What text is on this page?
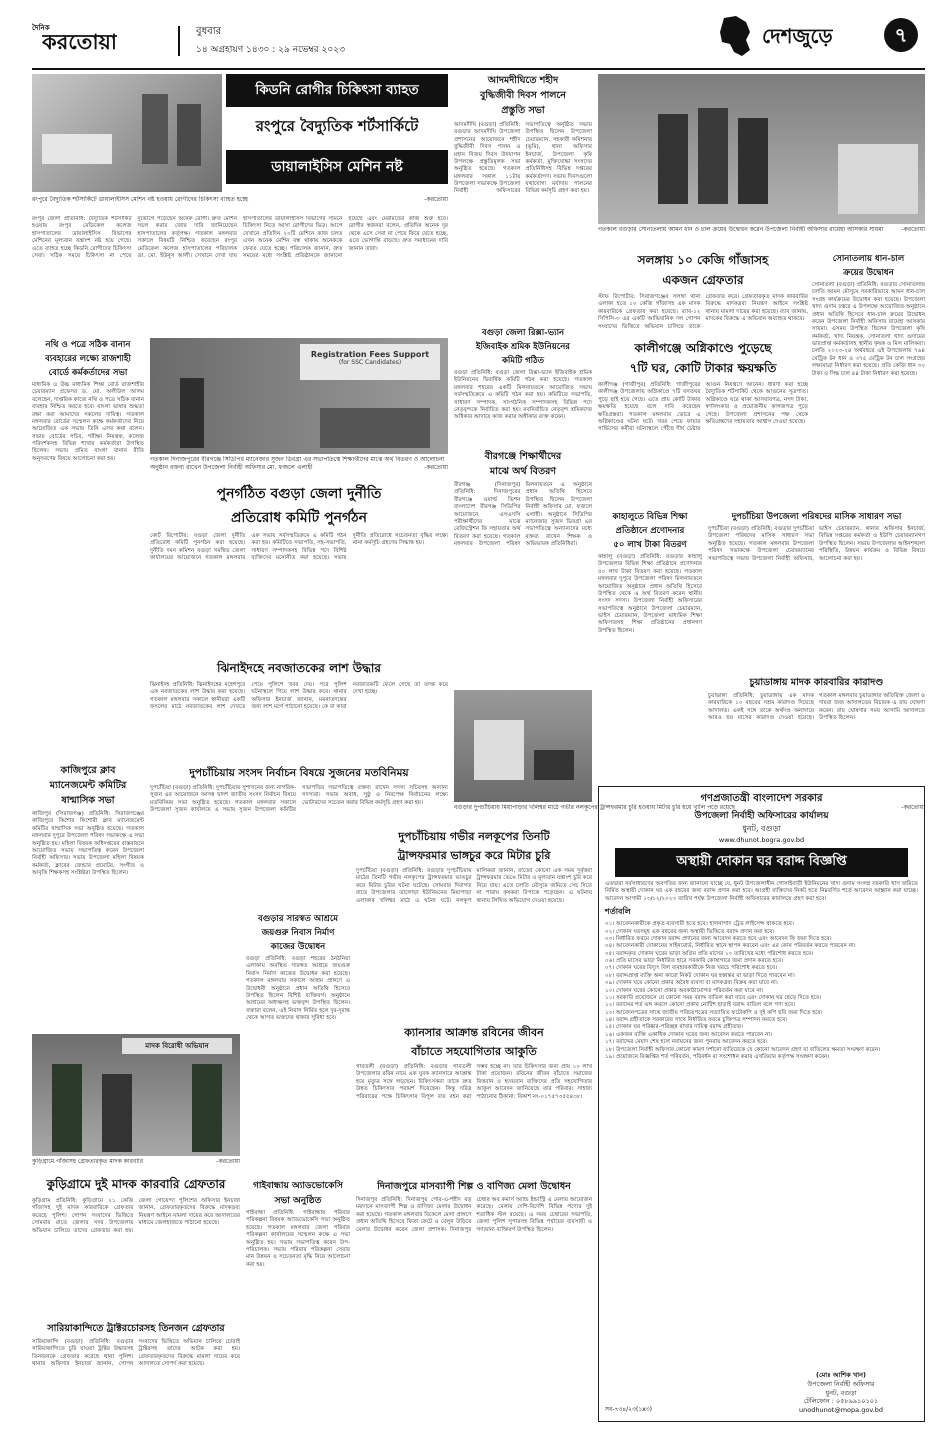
দৈনিক
করতোয়া	বুধবার
১৪ অগ্রহায়ণ ১৪৩০ : ২৯ নভেম্বর ২০২৩
দেশজুড়ে	৭
কিডনি রোগীর চিকিৎসা ব্যাহত
রংপুরে বৈদ্যুতিক শর্টসার্কিটে
ডায়ালাইসিস মেশিন নষ্ট
রংপুরে বৈদ্যুতিক শর্টসার্কিটে ডায়ালাইসিস মেশিন নষ্ট হওয়ায় রোগীদের চিকিৎসা ব্যাহত হচ্ছে	-করতোয়া
রংপুর জেলা প্রতিনিধি: বৈদ্যুতিক শর্টসার্কিট হওয়ায় রংপুর মেডিকেল কলেজ হাসপাতালের ডায়ালাইসিস বিভাগের মেশিনের মূল্যবান যন্ত্রাংশ নষ্ট হয়ে গেছে। এতে ব্যাহত হচ্ছে কিডনি রোগীদের চিকিৎসা সেবা। সঠিক সময়ে চিকিৎসা না পেয়ে দুর্ভোগে পড়েছেন অনেক রোগী। দ্রুত মেশিন সচল করার জোর দাবি জানিয়েছেন হাসপাতালের কর্তৃপক্ষ। গতকাল মঙ্গলবার সকালে বিষয়টি নিশ্চিত করেছেন রংপুর মেডিকেল কলেজ হাসপাতালের পরিচালক ডা. মো. ইউনুস আলী। সেখানে দেখা যায় হাসপাতালের ডায়ালাইসিস বিভাগের সামনে চিকিৎসা নিতে আসা রোগীদের ভিড়। আগে যেখানে প্রতিদিন ২০টি মেশিনে কাজ চলত এখন অনেক মেশিন বন্ধ থাকায় অনেককে ফেরত যেতে হচ্ছে। পরিচালক জানান, দ্রুত সময়ের মধ্যে সংশ্লিষ্ট প্রতিষ্ঠানকে জানানো হয়েছে এবং মেরামতের কাজ শুরু হবে। রোগীর স্বজনরা বলেন, প্রতিদিন অনেক দূর থেকে এসে সেবা না পেয়ে ফিরে যেতে হচ্ছে, এতে ভোগান্তি বাড়ছে। দ্রুত সমাধানের দাবি জানান তারা।
আদমদীঘিতে শহীদ
বুদ্ধিজীবী দিবস পালনে
প্রস্তুতি সভা
আদমদীঘি (বগুড়া) প্রতিনিধি: বগুড়ার আদমদীঘি উপজেলা প্রশাসনের আয়োজনে শহীদ বুদ্ধিজীবী দিবস পালন ও মহান বিজয় দিবস উদযাপন উপলক্ষে প্রস্তুতিমূলক সভা অনুষ্ঠিত হয়েছে। গতকাল মঙ্গলবার সকাল ১১টায় উপজেলা সভাকক্ষে উপজেলা নির্বাহী অফিসারের সভাপতিত্বে অনুষ্ঠিত সভায় উপস্থিত ছিলেন উপজেলা চেয়ারম্যান, সহকারী কমিশনার (ভূমি), থানা অফিসার ইনচার্জ, উপজেলা কৃষি কর্মকর্তা, মুক্তিযোদ্ধা সংসদের প্রতিনিধিসহ বিভিন্ন দপ্তরের কর্মকর্তাগণ। সভায় দিবসগুলো যথাযোগ্য মর্যাদায় পালনের বিভিন্ন কর্মসূচি গ্রহণ করা হয়।
গতকাল বগুড়ার সোনাতলায় আমন ধান ও চাল ক্রয়ের উদ্বোধন করেন উপজেলা নির্বাহী অফিসার রায়েহা আসকার সায়মা	-করতোয়া
সলঙ্গায় ১০ কেজি গাঁজাসহ
একজন গ্রেফতার
স্টাফ রিপোর্টার: সিরাজগঞ্জের সলঙ্গা থানা এলাকা হতে ১০ কেজি গাঁজাসহ এক মাদক কারবারিকে গ্রেফতার করা হয়েছে। র‌্যাব-১২ সিপিসি-৩ এর একটি আভিযানিক দল গোপন সংবাদের ভিত্তিতে অভিযান চালিয়ে তাকে গ্রেফতার করে। গ্রেফতারকৃত মাদক কারবারির বিরুদ্ধে মাদকদ্রব্য নিয়ন্ত্রণ আইনে সংশ্লিষ্ট থানায় মামলা দায়ের করা হয়েছে। র‌্যাব জানায়, মাদকের বিরুদ্ধে এ অভিযান অব্যাহত থাকবে।
সোনাতলায় ধান-চাল
ক্রয়ের উদ্বোধন
সোনাতলা (বগুড়া) প্রতিনিধি: বগুড়ার সোনাতলায় চলতি আমন মৌসুমে সরকারিভাবে আমন ধান-চাল সংগ্রহ কার্যক্রমের উদ্বোধন করা হয়েছে। উপজেলা খাদ্য গুদাম চত্বরে এ উপলক্ষে আয়োজিত অনুষ্ঠানে প্রধান অতিথি হিসেবে ধান-চাল ক্রয়ের উদ্বোধন করেন উপজেলা নির্বাহী অফিসার রায়েহা আসকার সায়মা। এসময় উপস্থিত ছিলেন উপজেলা কৃষি কর্মকর্তা, খাদ্য নিয়ন্ত্রক, সোনাতলা খাদ্য গুদামের ভারপ্রাপ্ত কর্মকর্তাসহ স্থানীয় কৃষক ও মিল মালিকরা। চলতি ২০২৩-২৪ অর্থবছরে এই উপজেলায় ৭৬৪ মেট্রিক টন ধান ও ৩৭৫ মেট্রিক টন চাল সংগ্রহের লক্ষ্যমাত্রা নির্ধারণ করা হয়েছে। প্রতি কেজি ধান ৩০ টাকা ও সিদ্ধ চাল ৪৪ টাকা নির্ধারণ করা হয়েছে।
নথি ও পত্রে সঠিক বানান
ব্যবহারের লক্ষ্যে রাজশাহী
বোর্ডে কর্মকর্তাদের সভা
মাধ্যমিক ও উচ্চ মাধ্যমিক শিক্ষা বোর্ড রাজশাহীর চেয়ারম্যান প্রফেসর ড. মো. অলীউল আলম বলেছেন, দাপ্তরিক কাজে নথি ও পত্রে সঠিক বানান ব্যবহার নিশ্চিত করতে হবে। বাংলা ভাষার শুদ্ধতা রক্ষা করা আমাদের সকলের দায়িত্ব। গতকাল মঙ্গলবার বোর্ডের সম্মেলন কক্ষে কর্মকর্তাদের নিয়ে আয়োজিত এক সভায় তিনি এসব কথা বলেন। সভায় বোর্ডের সচিব, পরীক্ষা নিয়ন্ত্রক, কলেজ পরিদর্শকসহ বিভিন্ন শাখার কর্মকর্তারা উপস্থিত ছিলেন। সভায় প্রমিত বাংলা বানান রীতি অনুসরণের বিষয়ে আলোচনা করা হয়।
Registration Fees Support
(for SSC Candidates)
গতকাল দিনাজপুরের বীরগঞ্জে সিডিপির ম্যানেজার সুজন ডিবগ্রা এর সভাপতিত্বে শিক্ষার্থীদের মাঝে অর্থ বিতরণ ও আলোচনা অনুষ্ঠান বক্তব্য রাখেন উপজেলা নির্বাহী অফিসার মো. ফজলে এলাহী	-করতোয়া
বগুড়া জেলা রিক্সা-ভ্যান
ইজিবাইক শ্রমিক ইউনিয়নের
কমিটি গঠিত
বগুড়া প্রতিনিধি: বগুড়া জেলা রিক্সা-ভ্যান ইজিবাইক শ্রমিক ইউনিয়নের দ্বিবার্ষিক কমিটি গঠন করা হয়েছে। গতকাল মঙ্গলবার শহরের একটি মিলনায়তনে আয়োজিত সভায় সর্বসম্মতিক্রমে এ কমিটি গঠন করা হয়। কমিটিতে সভাপতি, সাধারণ সম্পাদক, সাংগঠনিক সম্পাদকসহ বিভিন্ন পদে নেতৃবৃন্দকে নির্বাচিত করা হয়। নবনির্বাচিত নেতৃবৃন্দ শ্রমিকদের অধিকার আদায়ে কাজ করার অঙ্গীকার ব্যক্ত করেন।
কালীগঞ্জে অগ্নিকাণ্ডে পুড়েছে
৭টি ঘর, কোটি টাকার ক্ষয়ক্ষতি
কালীগঞ্জ (গাজীপুর) প্রতিনিধি: গাজীপুরের কালীগঞ্জ উপজেলায় অগ্নিকাণ্ডে ৭টি বসতঘর পুড়ে ছাই হয়ে গেছে। এতে প্রায় কোটি টাকার ক্ষয়ক্ষতি হয়েছে বলে দাবি করেছেন ক্ষতিগ্রস্তরা। গতকাল মঙ্গলবার ভোরে এ অগ্নিকাণ্ডের ঘটনা ঘটে। খবর পেয়ে ফায়ার সার্ভিসের কর্মীরা ঘটনাস্থলে পৌঁছে দীর্ঘ চেষ্টায় আগুন নিয়ন্ত্রণে আনেন। ধারণা করা হচ্ছে বৈদ্যুতিক শর্টসার্কিট থেকে আগুনের সূত্রপাত। অগ্নিকাণ্ডে ঘরে থাকা আসবাবপত্র, নগদ টাকা, স্বর্ণালংকার ও প্রয়োজনীয় কাগজপত্র পুড়ে গেছে। উপজেলা প্রশাসনের পক্ষ থেকে ক্ষতিগ্রস্তদের সহায়তার আশ্বাস দেওয়া হয়েছে।
পুনর্গঠিত বগুড়া জেলা দুর্নীতি
প্রতিরোধ কমিটি পুনর্গঠন
কোর্ট রিপোর্টার: বগুড়া জেলা দুর্নীতি প্রতিরোধ কমিটি পুনর্গঠন করা হয়েছে। দুর্নীতি দমন কমিশন বগুড়া সমন্বিত জেলা কার্যালয়ের আয়োজনে গতকাল মঙ্গলবার এক সভায় সর্বসম্মতিক্রমে এ কমিটি গঠন করা হয়। কমিটিতে সভাপতি, সহ-সভাপতি, সাধারণ সম্পাদকসহ বিভিন্ন পদে বিশিষ্ট ব্যক্তিদের মনোনীত করা হয়েছে। সভায় দুর্নীতি প্রতিরোধে সচেতনতা বৃদ্ধির লক্ষ্যে নানা কর্মসূচি গ্রহণের সিদ্ধান্ত হয়।
বীরগঞ্জে শিক্ষার্থীদের
মাঝে অর্থ বিতরণ
বীরগঞ্জ (দিনাজপুর) প্রতিনিধি: দিনাজপুরের বীরগঞ্জে ওয়ার্ল্ড ভিশন বাংলাদেশ বীরগঞ্জ সিডিপির আয়োজনে এসএসসি পরীক্ষার্থীদের মাঝে রেজিস্ট্রেশন ফি সহায়তার অর্থ বিতরণ করা হয়েছে। গতকাল মঙ্গলবার উপজেলা পরিষদ মিলনায়তনে এ অনুষ্ঠানে প্রধান অতিথি হিসেবে উপস্থিত ছিলেন উপজেলা নির্বাহী অফিসার মো. ফজলে এলাহী। অনুষ্ঠানে সিডিপির ম্যানেজার সুজন ডিবগ্রা এর সভাপতিত্বে অন্যান্যদের মধ্যে বক্তব্য রাখেন শিক্ষক ও অভিভাবক প্রতিনিধিরা।
কাহালুতে বিভিন্ন শিক্ষা
প্রতিষ্ঠানে প্রণোদনার
৫০ লাখ টাকা বিতরণ
কাহালু (বগুড়া) প্রতিনিধি: বগুড়ার কাহালু উপজেলার বিভিন্ন শিক্ষা প্রতিষ্ঠানে প্রণোদনার ৫০ লাখ টাকা বিতরণ করা হয়েছে। গতকাল মঙ্গলবার দুপুরে উপজেলা পরিষদ মিলনায়তনে আয়োজিত অনুষ্ঠানে প্রধান অতিথি হিসেবে উপস্থিত থেকে এ অর্থ বিতরণ করেন স্থানীয় সংসদ সদস্য। উপজেলা নির্বাহী অফিসারের সভাপতিত্বে অনুষ্ঠানে উপজেলা চেয়ারম্যান, ভাইস চেয়ারম্যান, উপজেলা মাধ্যমিক শিক্ষা অফিসারসহ শিক্ষা প্রতিষ্ঠানের প্রধানগণ উপস্থিত ছিলেন।
দুপচাঁচিয়া উপজেলা পরিষদের মাসিক সাধারণ সভা
দুপচাঁচিয়া (বগুড়া) প্রতিনিধি: বগুড়ার দুপচাঁচিয়া উপজেলা পরিষদের মাসিক সাধারণ সভা অনুষ্ঠিত হয়েছে। গতকাল মঙ্গলবার উপজেলা পরিষদ সভাকক্ষে উপজেলা চেয়ারম্যানের সভাপতিত্বে সভায় উপজেলা নির্বাহী অফিসার, ভাইস চেয়ারম্যান, থানার অফিসার ইনচার্জ, বিভিন্ন দপ্তরের কর্মকর্তা ও ইউপি চেয়ারম্যানগণ উপস্থিত ছিলেন। সভায় উপজেলার আইনশৃঙ্খলা পরিস্থিতি, উন্নয়ন কার্যক্রম ও বিভিন্ন বিষয়ে আলোচনা করা হয়।
চুয়াডাঙ্গায় মাদক কারবারির কারাদণ্ড
চুয়াডাঙ্গা প্রতিনিধি: চুয়াডাঙ্গায় এক মাদক কারবারিকে ১০ বছরের সশ্রম কারাদণ্ড দিয়েছে আদালত। একই সঙ্গে তাকে অর্থদণ্ড অনাদায়ে আরও ছয় মাসের কারাদণ্ড দেওয়া হয়েছে। গতকাল মঙ্গলবার চুয়াডাঙ্গার অতিরিক্ত জেলা ও দায়রা জজ আদালতের বিচারক এ রায় ঘোষণা করেন। রায় ঘোষণার সময় আসামি আদালতে উপস্থিত ছিলেন।
ঝিনাইদহে নবজাতকের লাশ উদ্ধার
ঝিনাইদহ প্রতিনিধি: ঝিনাইদহের মহেশপুরে এক নবজাতকের লাশ উদ্ধার করা হয়েছে। গতকাল মঙ্গলবার সকালে স্থানীয়রা একটি ফসলের মাঠে নবজাতকের লাশ দেখতে পেয়ে পুলিশে খবর দেয়। পরে পুলিশ ঘটনাস্থলে গিয়ে লাশ উদ্ধার করে। থানার অফিসার ইনচার্জ জানান, ময়নাতদন্তের জন্য লাশ মর্গে পাঠানো হয়েছে। কে বা কারা নবজাতকটি ফেলে গেছে তা তদন্ত করে দেখা হচ্ছে।
কাজিপুরে ক্লাব
ম্যানেজমেন্ট কমিটির
ষান্মাসিক সভা
কাজিপুর (সিরাজগঞ্জ) প্রতিনিধি: সিরাজগঞ্জের কাজিপুরে কিশোর কিশোরী ক্লাব ম্যানেজমেন্ট কমিটির ষান্মাসিক সভা অনুষ্ঠিত হয়েছে। গতকাল মঙ্গলবার দুপুরে উপজেলা পরিষদ সভাকক্ষে এ সভা অনুষ্ঠিত হয়। মহিলা বিষয়ক অধিদপ্তরের বাস্তবায়নে আয়োজিত সভায় সভাপতিত্ব করেন উপজেলা নির্বাহী অফিসার। সভায় উপজেলা মহিলা বিষয়ক কর্মকর্তা, ক্লাবের জেন্ডার প্রমোটর, সংগীত ও আবৃত্তি শিক্ষকসহ সংশ্লিষ্টরা উপস্থিত ছিলেন।
দুপচাঁচিয়ায় সংসদ নির্বাচন বিষয়ে সুজনের মতবিনিময়
দুপচাঁচিয়া (বগুড়া) প্রতিনিধি: দুপচাঁচিয়ায় সুশাসনের জন্য নাগরিক-সুজন এর আয়োজনে আসন্ন দ্বাদশ জাতীয় সংসদ নির্বাচন বিষয়ে মতবিনিময় সভা অনুষ্ঠিত হয়েছে। গতকাল মঙ্গলবার সকালে উপজেলা সুজন কার্যালয়ে এ সভায় সুজন উপজেলা কমিটির সভাপতির সভাপতিত্বে বক্তব্য রাখেন সদস্য সচিবসহ অন্যান্য সদস্যরা। সভায় অবাধ, সুষ্ঠু ও নিরপেক্ষ নির্বাচনের লক্ষ্যে ভোটারদের সচেতন করার বিভিন্ন কর্মসূচি গ্রহণ করা হয়।
বগুড়ার সারস্বত আশ্রমে
জয়গুরু নিবাস নির্মাণ
কাজের উদ্বোধন
বগুড়া প্রতিনিধি: বগুড়া শহরের ঠনঠনিয়া এলাকায় অবস্থিত সারস্বত আশ্রমে জয়গুরু নিবাস নির্মাণ কাজের উদ্বোধন করা হয়েছে। গতকাল মঙ্গলবার সকালে আশ্রম প্রাঙ্গণে এ উদ্বোধনী অনুষ্ঠানে প্রধান অতিথি হিসেবে উপস্থিত ছিলেন বিশিষ্ট ব্যক্তিবর্গ। অনুষ্ঠানে আশ্রমের অধ্যক্ষসহ ভক্তবৃন্দ উপস্থিত ছিলেন। বক্তারা বলেন, এই নিবাস নির্মিত হলে দূর-দূরান্ত থেকে আগত ভক্তদের থাকার সুবিধা হবে।
বগুড়ার দুপচাঁচিয়ায় মিয়াপাড়ার খলিশ্বর মাঠে গভীর নলকূপের ট্রান্সফরমার চুরি হওয়ায় মিটার চুরি হয়ে খালি পড়ে রয়েছে	-করতোয়া
দুপচাঁচিয়ায় গভীর নলকূপের তিনটি
ট্রান্সফরমার ভাঙ্গচুর করে মিটার চুরি
দুপচাঁচিয়া (বগুড়া) প্রতিনিধি: বগুড়ার দুপচাঁচিয়ায় মাঠের তিনটি গভীর নলকূপের ট্রান্সফরমার ভাঙচুর করে মিটার চুরির ঘটনা ঘটেছে। সোমবার দিবাগত রাতে উপজেলার তালোড়া ইউনিয়নের মিয়াপাড়া এলাকার খলিশ্বর মাঠে এ ঘটনা ঘটে। নলকূপ মালিকরা জানান, রাতের কোনো এক সময় দুর্বৃত্তরা ট্রান্সফরমার ভেঙে মিটার ও মূল্যবান যন্ত্রাংশ চুরি করে নিয়ে যায়। এতে চলতি মৌসুমে জমিতে সেচ দিতে না পারায় কৃষকরা বিপাকে পড়েছেন। এ ঘটনায় থানায় লিখিত অভিযোগ দেওয়া হয়েছে।
গণপ্রজাতন্ত্রী বাংলাদেশ সরকার
উপজেলা নির্বাহী অফিসারের কার্যালয়
ধুনট, বগুড়া
www.dhunot.bogra.gov.bd
অস্থায়ী দোকান ঘর বরাদ্দ বিজ্ঞপ্তি
এতদ্বারা সর্বসাধারণের অবগতির জন্য জানানো যাচ্ছে যে, ধুনট উপজেলাধীন গোসাইবাড়ী ইউনিয়নের খাদ্য গুদাম সংলগ্ন সরকারি খাস জমিতে নির্মিত অস্থায়ী দোকান ঘর এক বছরের জন্য বরাদ্দ প্রদান করা হবে। আগ্রহী ব্যক্তিদের নিকট হতে নিম্নবর্ণিত শর্তে আবেদন আহ্বান করা যাচ্ছে। আবেদন আগামী ১৩/১২/২০২৩ তারিখ পর্যন্ত উপজেলা নির্বাহী অফিসারের কার্যালয়ে গ্রহণ করা হবে।
শর্তাবলি
০১। আবেদনকারীকে প্রকৃত ব্যবসায়ী হতে হবে। হালনাগাদ ট্রেড লাইসেন্স থাকতে হবে।
০২। দোকান ঘরসমূহ এক বছরের জন্য অস্থায়ী ভিত্তিতে বরাদ্দ প্রদান করা হবে।
০৩। নির্ধারিত ফরমে দোকান বরাদ্দ প্রদানের জন্য আবেদন করতে হবে এবং আবেদন ফি জমা দিতে হবে।
০৪। আবেদনকারী দোকানের সাইনবোর্ড, নির্ধারিত স্থানে স্থাপন করবেন এবং এর কোন পরিবর্তন করতে পারবেন না।
০৫। বরাদ্দকৃত দোকান ঘরের ভাড়া অগ্রিম প্রতি মাসের ১০ তারিখের মধ্যে পরিশোধ করতে হবে।
০৬। প্রতি মাসের ভাড়া নির্ধারিত হারে সরকারি কোষাগারে জমা প্রদান করতে হবে।
০৭। দোকান ঘরের বিদ্যুৎ বিল ব্যবহারকারীকে নিজ খরচে পরিশোধ করতে হবে।
০৮। বরাদ্দপ্রাপ্ত ব্যক্তি অন্য কারো নিকট দোকান ঘর হস্তান্তর বা ভাড়া দিতে পারবেন না।
০৯। দোকান ঘরে কোনো প্রকার অবৈধ ব্যবসা বা মাদকদ্রব্য বিক্রয় করা যাবে না।
১০। দোকান ঘরের কোনো প্রকার অবকাঠামোগত পরিবর্তন করা যাবে না।
১১। সরকারি প্রয়োজনে যে কোনো সময় বরাদ্দ বাতিল করা যাবে এবং দোকান ঘর ছেড়ে দিতে হবে।
১২। বরাদ্দের শর্ত ভঙ্গ করলে কোনো প্রকার নোটিশ ছাড়াই বরাদ্দ বাতিল বলে গণ্য হবে।
১৩। আবেদনপত্রের সাথে জাতীয় পরিচয়পত্রের সত্যায়িত ফটোকপি ও দুই কপি ছবি জমা দিতে হবে।
১৪। বরাদ্দ গ্রহীতাকে সরকারের সাথে নির্ধারিত ফরমে চুক্তিপত্র সম্পাদন করতে হবে।
১৫। দোকান ঘর পরিষ্কার-পরিচ্ছন্ন রাখার দায়িত্ব বরাদ্দ গ্রহীতার।
১৬। একজন ব্যক্তি একাধিক দোকান ঘরের জন্য আবেদন করতে পারবেন না।
১৭। বরাদ্দের মেয়াদ শেষ হলে নবায়নের জন্য পুনরায় আবেদন করতে হবে।
১৮। উপজেলা নির্বাহী অফিসার কোনো কারণ দর্শানো ব্যতিরেকে যে কোনো আবেদন গ্রহণ বা বাতিলের ক্ষমতা সংরক্ষণ করেন।
১৯। প্রয়োজনে বিজ্ঞপ্তির শর্ত পরিবর্তন, পরিবর্ধন বা সংশোধন করার এখতিয়ার কর্তৃপক্ষ সংরক্ষণ করেন।
(মোঃ আশিক খান)
উপজেলা নির্বাহী অফিসার
ধুনট, বগুড়া
টেলিফোন : ০৫৮৯৯১০১০১
unodhunot@mopa.gov.bd
সব-৭৩৪/২৩(১x৩)
ক্যানসার আক্রান্ত রবিনের জীবন
বাঁচাতে সহযোগিতার আকুতি
গাবতলী (বগুড়া) প্রতিনিধি: বগুড়ার গাবতলী উপজেলার রবিন নামে এক যুবক ক্যানসারে আক্রান্ত হয়ে মৃত্যুর সঙ্গে লড়ছেন। চিকিৎসকরা তাকে দ্রুত উন্নত চিকিৎসার পরামর্শ দিয়েছেন। কিন্তু দরিদ্র পরিবারের পক্ষে চিকিৎসার বিপুল ব্যয় বহন করা সম্ভব হচ্ছে না। তার চিকিৎসার জন্য প্রায় ১০ লাখ টাকা প্রয়োজন। রবিনের জীবন বাঁচাতে সমাজের বিত্তবান ও হৃদয়বান ব্যক্তিদের প্রতি সহযোগিতার আকুল আবেদন জানিয়েছে তার পরিবার। সাহায্য পাঠানোর ঠিকানা: বিকাশ নং-০১৭৫৭৩৫৫৪৩৮।
মাদক বিরোধী অভিযান
কুড়িগ্রামে গাঁজাসহ গ্রেফতারকৃত মাদক কারবারি	-করতোয়া
কুড়িগ্রামে দুই মাদক কারবারি গ্রেফতার
কুড়িগ্রাম প্রতিনিধি: কুড়িগ্রামে ২১ কেজি গাঁজাসহ দুই মাদক কারবারিকে গ্রেফতার করেছে পুলিশ। গোপন সংবাদের ভিত্তিতে সোমবার রাতে জেলার সদর উপজেলায় অভিযান চালিয়ে তাদের গ্রেফতার করা হয়। জেলা গোয়েন্দা পুলিশের অফিসার ইনচার্জ জানান, গ্রেফতারকৃতদের বিরুদ্ধে মাদকদ্রব্য নিয়ন্ত্রণ আইনে মামলা দায়ের করে আদালতের মাধ্যমে জেলহাজতে পাঠানো হয়েছে।
গাইবান্ধায় অ্যাডভোকেসি
সভা অনুষ্ঠিত
গাইবান্ধা প্রতিনিধি: গাইবান্ধায় পরিবার পরিকল্পনা বিষয়ক অ্যাডভোকেসি সভা অনুষ্ঠিত হয়েছে। গতকাল মঙ্গলবার জেলা পরিবার পরিকল্পনা কার্যালয়ের সম্মেলন কক্ষে এ সভা অনুষ্ঠিত হয়। সভায় সভাপতিত্ব করেন উপ-পরিচালক। সভায় পরিবার পরিকল্পনা সেবার মান উন্নয়ন ও সচেতনতা বৃদ্ধি নিয়ে আলোচনা করা হয়।
দিনাজপুরে মাসব্যাপী শিল্প ও বাণিজ্য মেলা উদ্বোধন
দিনাজপুর প্রতিনিধি: দিনাজপুর গোর-এ-শহীদ বড় ময়দানে মাসব্যাপী শিল্প ও বাণিজ্য মেলার উদ্বোধন করা হয়েছে। গতকাল মঙ্গলবার বিকেলে মেলা প্রাঙ্গণে প্রধান অতিথি হিসেবে ফিতা কেটে ও বেলুন উড়িয়ে মেলার উদ্বোধন করেন জেলা প্রশাসক। দিনাজপুর চেম্বার অব কমার্স অ্যান্ড ইন্ডাস্ট্রি এ মেলার আয়োজন করেছে। মেলায় দেশি-বিদেশি বিভিন্ন পণ্যের দুই শতাধিক স্টল রয়েছে। এ সময় চেম্বারের সভাপতি, জেলা পুলিশ সুপারসহ বিভিন্ন পর্যায়ের ব্যবসায়ী ও গণ্যমান্য ব্যক্তিবর্গ উপস্থিত ছিলেন।
সারিয়াকান্দিতে ট্রাক্টরচোরসহ তিনজন গ্রেফতার
সারিয়াকান্দি (বগুড়া) প্রতিনিধি: বগুড়ার সারিয়াকান্দিতে চুরি যাওয়া ট্রাক্টর উদ্ধারসহ তিনজনকে গ্রেফতার করেছে থানা পুলিশ। থানার অফিসার ইনচার্জ জানান, গোপন সংবাদের ভিত্তিতে অভিযান চালিয়ে চোরাই ট্রাক্টরসহ তাদের আটক করা হয়। গ্রেফতারকৃতদের বিরুদ্ধে মামলা দায়ের করে আদালতে সোপর্দ করা হয়েছে।
